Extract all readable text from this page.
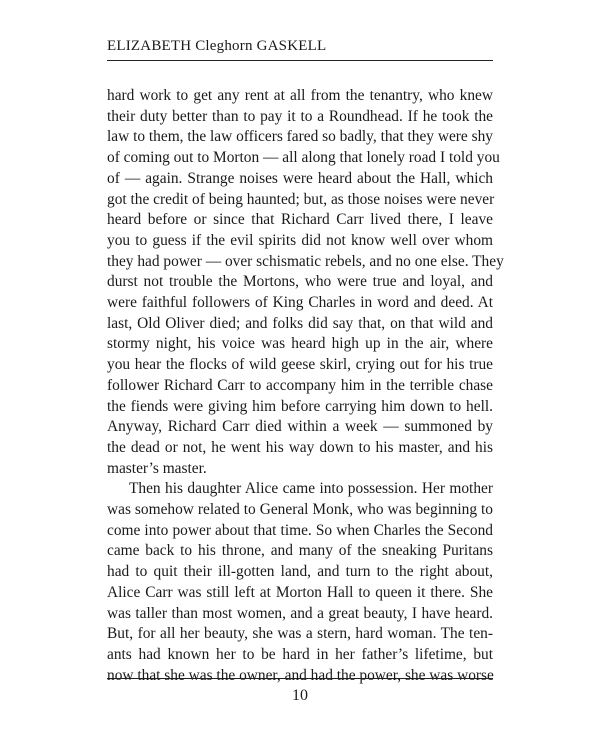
ELIZABETH Cleghorn GASKELL
hard work to get any rent at all from the tenantry, who knew
their duty better than to pay it to a Roundhead. If he took the
law to them, the law officers fared so badly, that they were shy
of coming out to Morton — all along that lonely road I told you
of — again. Strange noises were heard about the Hall, which
got the credit of being haunted; but, as those noises were never
heard before or since that Richard Carr lived there, I leave
you to guess if the evil spirits did not know well over whom
they had power — over schismatic rebels, and no one else. They
durst not trouble the Mortons, who were true and loyal, and
were faithful followers of King Charles in word and deed. At
last, Old Oliver died; and folks did say that, on that wild and
stormy night, his voice was heard high up in the air, where
you hear the flocks of wild geese skirl, crying out for his true
follower Richard Carr to accompany him in the terrible chase
the fiends were giving him before carrying him down to hell.
Anyway, Richard Carr died within a week — summoned by
the dead or not, he went his way down to his master, and his
master’s master.
Then his daughter Alice came into possession. Her mother
was somehow related to General Monk, who was beginning to
come into power about that time. So when Charles the Second
came back to his throne, and many of the sneaking Puritans
had to quit their ill-gotten land, and turn to the right about,
Alice Carr was still left at Morton Hall to queen it there. She
was taller than most women, and a great beauty, I have heard.
But, for all her beauty, she was a stern, hard woman. The ten-
ants had known her to be hard in her father’s lifetime, but
now that she was the owner, and had the power, she was worse
10
